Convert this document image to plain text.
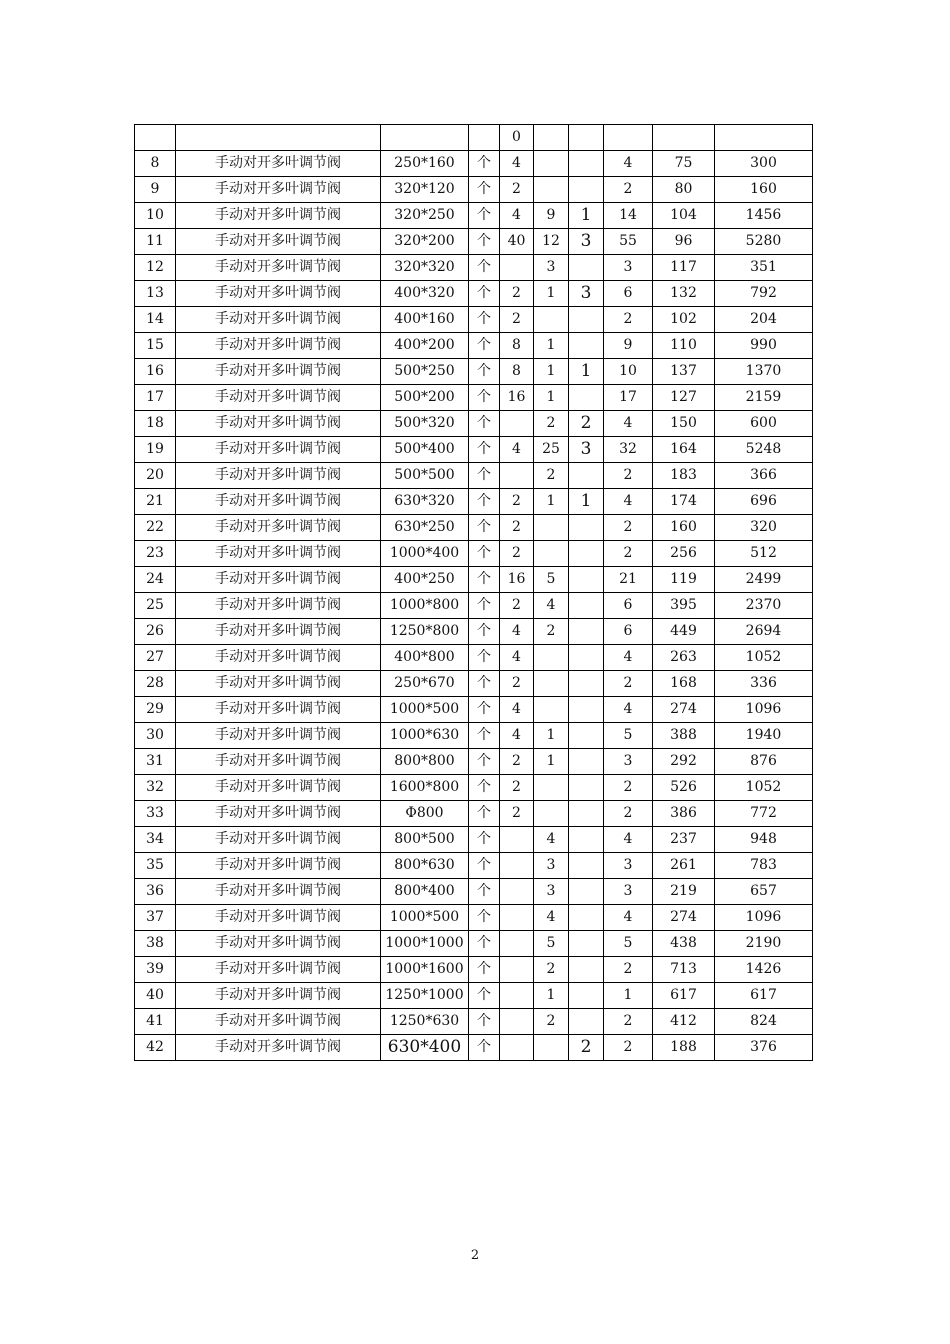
				0					
8	手动对开多叶调节阀	250*160	个	4			4	75	300
9	手动对开多叶调节阀	320*120	个	2			2	80	160
10	手动对开多叶调节阀	320*250	个	4	9	1	14	104	1456
11	手动对开多叶调节阀	320*200	个	40	12	3	55	96	5280
12	手动对开多叶调节阀	320*320	个		3		3	117	351
13	手动对开多叶调节阀	400*320	个	2	1	3	6	132	792
14	手动对开多叶调节阀	400*160	个	2			2	102	204
15	手动对开多叶调节阀	400*200	个	8	1		9	110	990
16	手动对开多叶调节阀	500*250	个	8	1	1	10	137	1370
17	手动对开多叶调节阀	500*200	个	16	1		17	127	2159
18	手动对开多叶调节阀	500*320	个		2	2	4	150	600
19	手动对开多叶调节阀	500*400	个	4	25	3	32	164	5248
20	手动对开多叶调节阀	500*500	个		2		2	183	366
21	手动对开多叶调节阀	630*320	个	2	1	1	4	174	696
22	手动对开多叶调节阀	630*250	个	2			2	160	320
23	手动对开多叶调节阀	1000*400	个	2			2	256	512
24	手动对开多叶调节阀	400*250	个	16	5		21	119	2499
25	手动对开多叶调节阀	1000*800	个	2	4		6	395	2370
26	手动对开多叶调节阀	1250*800	个	4	2		6	449	2694
27	手动对开多叶调节阀	400*800	个	4			4	263	1052
28	手动对开多叶调节阀	250*670	个	2			2	168	336
29	手动对开多叶调节阀	1000*500	个	4			4	274	1096
30	手动对开多叶调节阀	1000*630	个	4	1		5	388	1940
31	手动对开多叶调节阀	800*800	个	2	1		3	292	876
32	手动对开多叶调节阀	1600*800	个	2			2	526	1052
33	手动对开多叶调节阀	Φ800	个	2			2	386	772
34	手动对开多叶调节阀	800*500	个		4		4	237	948
35	手动对开多叶调节阀	800*630	个		3		3	261	783
36	手动对开多叶调节阀	800*400	个		3		3	219	657
37	手动对开多叶调节阀	1000*500	个		4		4	274	1096
38	手动对开多叶调节阀	1000*1000	个		5		5	438	2190
39	手动对开多叶调节阀	1000*1600	个		2		2	713	1426
40	手动对开多叶调节阀	1250*1000	个		1		1	617	617
41	手动对开多叶调节阀	1250*630	个		2		2	412	824
42	手动对开多叶调节阀	630*400	个			2	2	188	376
2
